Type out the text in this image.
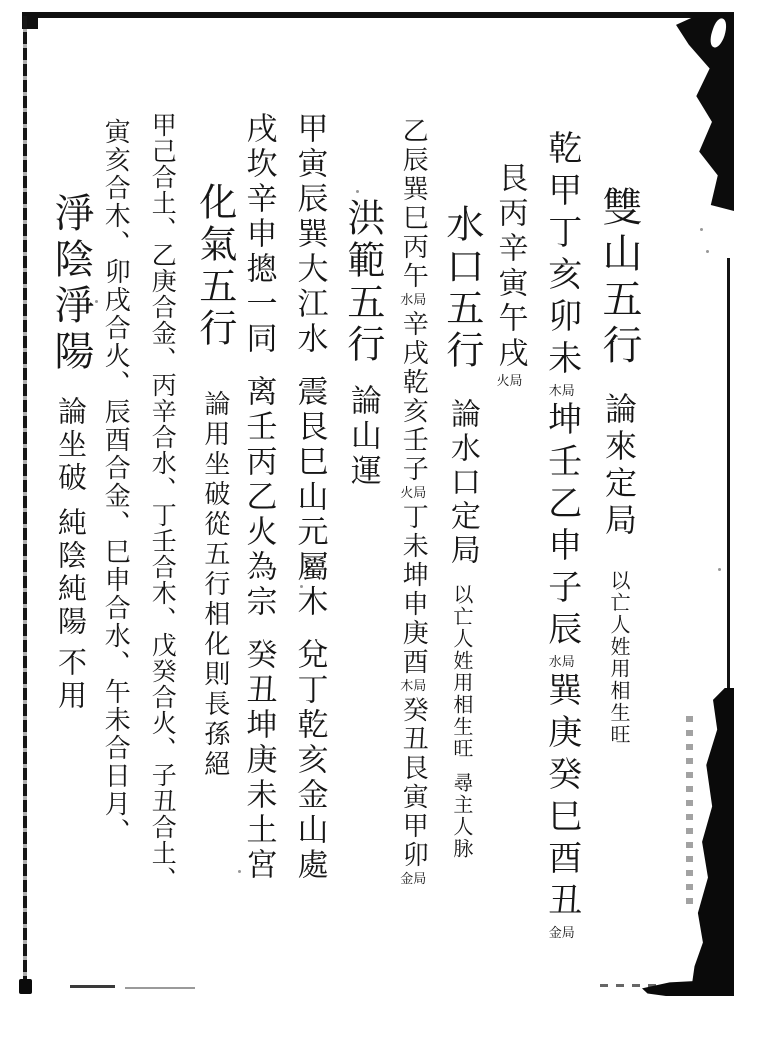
雙山五行論來定局以亡人姓用相生旺
乾甲丁亥卯未木局坤壬乙申子辰水局巽庚癸巳酉丑金局
艮丙辛寅午戌火局
水口五行論水口定局以亡人姓用相生旺尋主人脉
乙辰巽巳丙午水局辛戌乾亥壬子火局丁未坤申庚酉木局癸丑艮寅甲卯金局
洪範五行論山運
甲寅辰巽大江水震艮巳山元屬木兌丁乾亥金山處
戌坎辛申摠一同离壬丙乙火為宗癸丑坤庚未土宮
化氣五行論用坐破從五行相化則長孫絕
甲己合土、乙庚合金、丙辛合水、丁壬合木、戊癸合火、子丑合土、
寅亥合木、卯戌合火、辰酉合金、巳申合水、午未合日月、
淨陰淨陽論坐破純陰純陽不用
